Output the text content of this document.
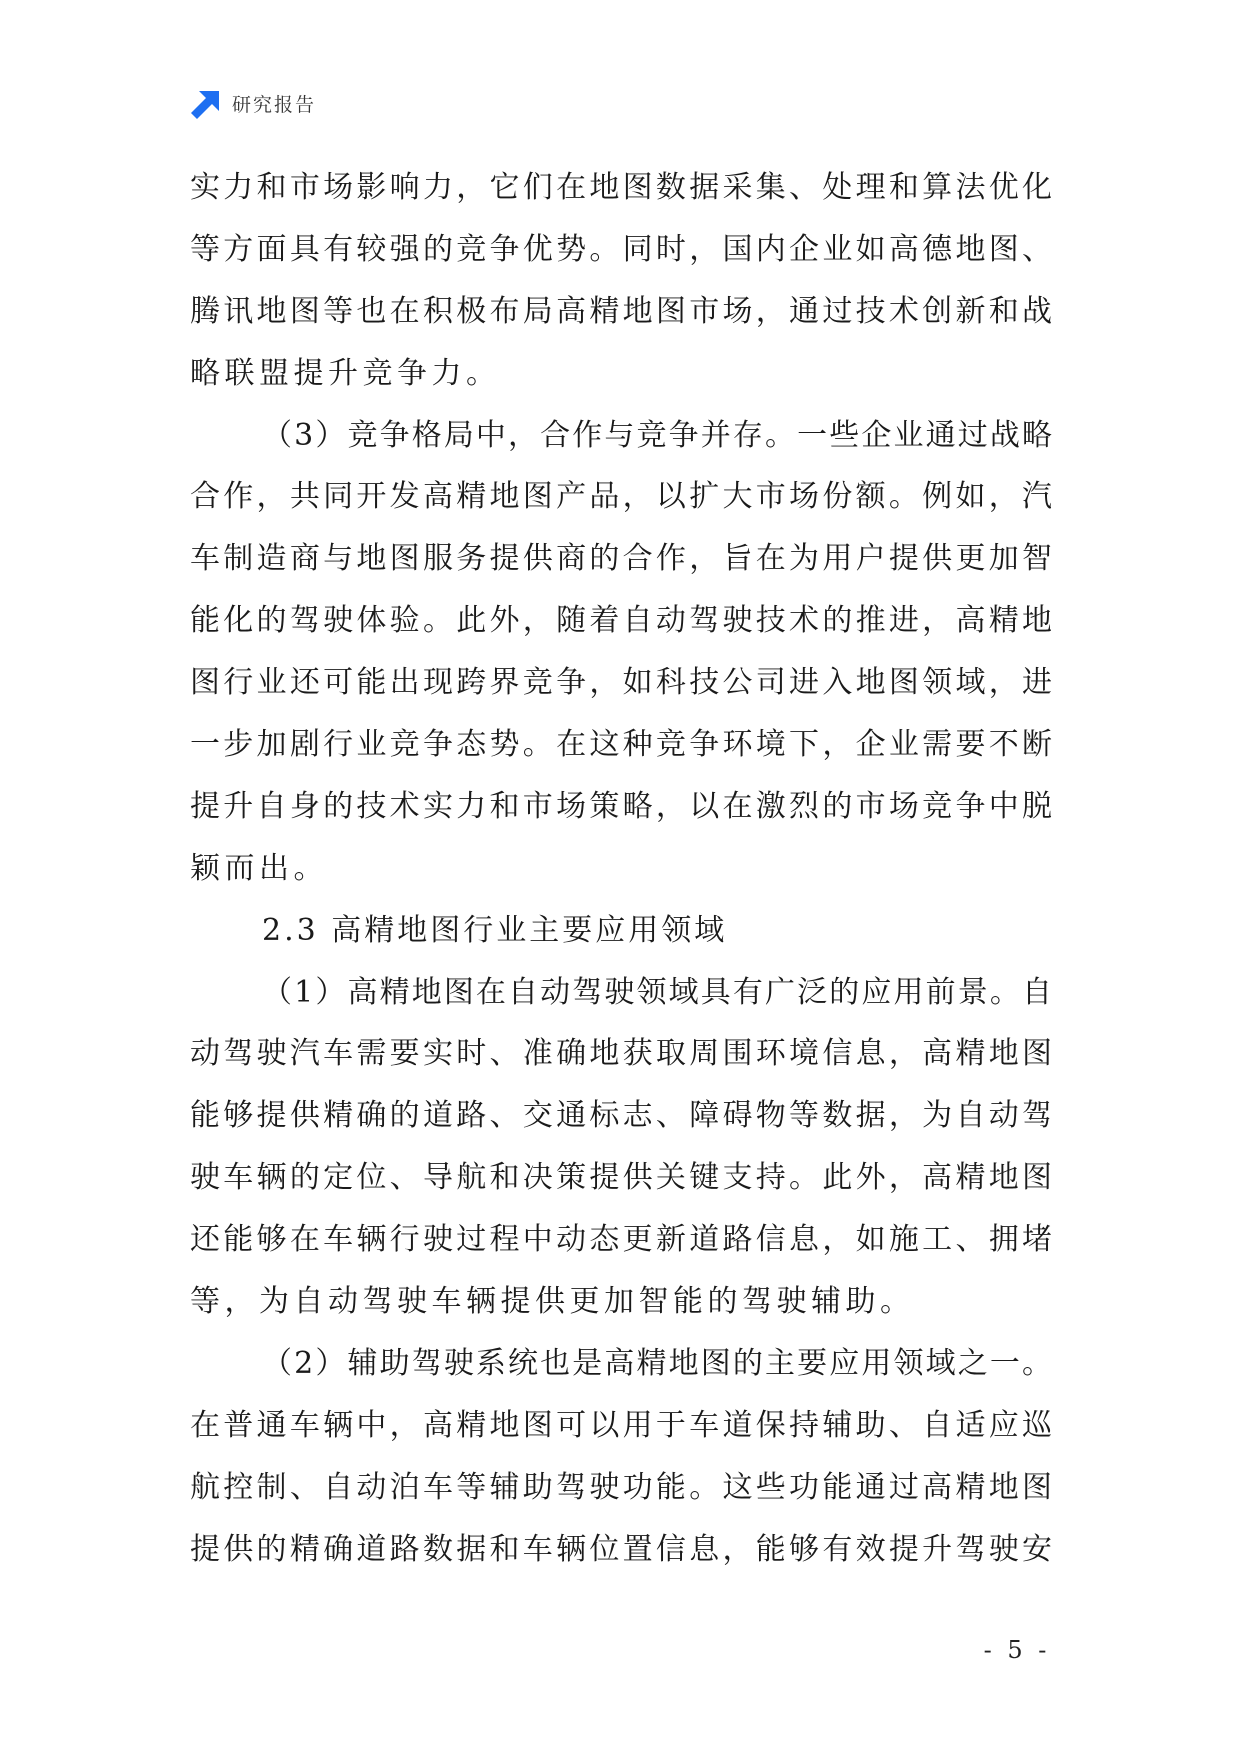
研究报告
实力和市场影响力，它们在地图数据采集、处理和算法优化
等方面具有较强的竞争优势。同时，国内企业如高德地图、
腾讯地图等也在积极布局高精地图市场，通过技术创新和战
略联盟提升竞争力。
（3）竞争格局中，合作与竞争并存。一些企业通过战略
合作，共同开发高精地图产品，以扩大市场份额。例如，汽
车制造商与地图服务提供商的合作，旨在为用户提供更加智
能化的驾驶体验。此外，随着自动驾驶技术的推进，高精地
图行业还可能出现跨界竞争，如科技公司进入地图领域，进
一步加剧行业竞争态势。在这种竞争环境下，企业需要不断
提升自身的技术实力和市场策略，以在激烈的市场竞争中脱
颖而出。
2.3 高精地图行业主要应用领域
（1）高精地图在自动驾驶领域具有广泛的应用前景。自
动驾驶汽车需要实时、准确地获取周围环境信息，高精地图
能够提供精确的道路、交通标志、障碍物等数据，为自动驾
驶车辆的定位、导航和决策提供关键支持。此外，高精地图
还能够在车辆行驶过程中动态更新道路信息，如施工、拥堵
等，为自动驾驶车辆提供更加智能的驾驶辅助。
（2）辅助驾驶系统也是高精地图的主要应用领域之一。
在普通车辆中，高精地图可以用于车道保持辅助、自适应巡
航控制、自动泊车等辅助驾驶功能。这些功能通过高精地图
提供的精确道路数据和车辆位置信息，能够有效提升驾驶安
- 5 -
